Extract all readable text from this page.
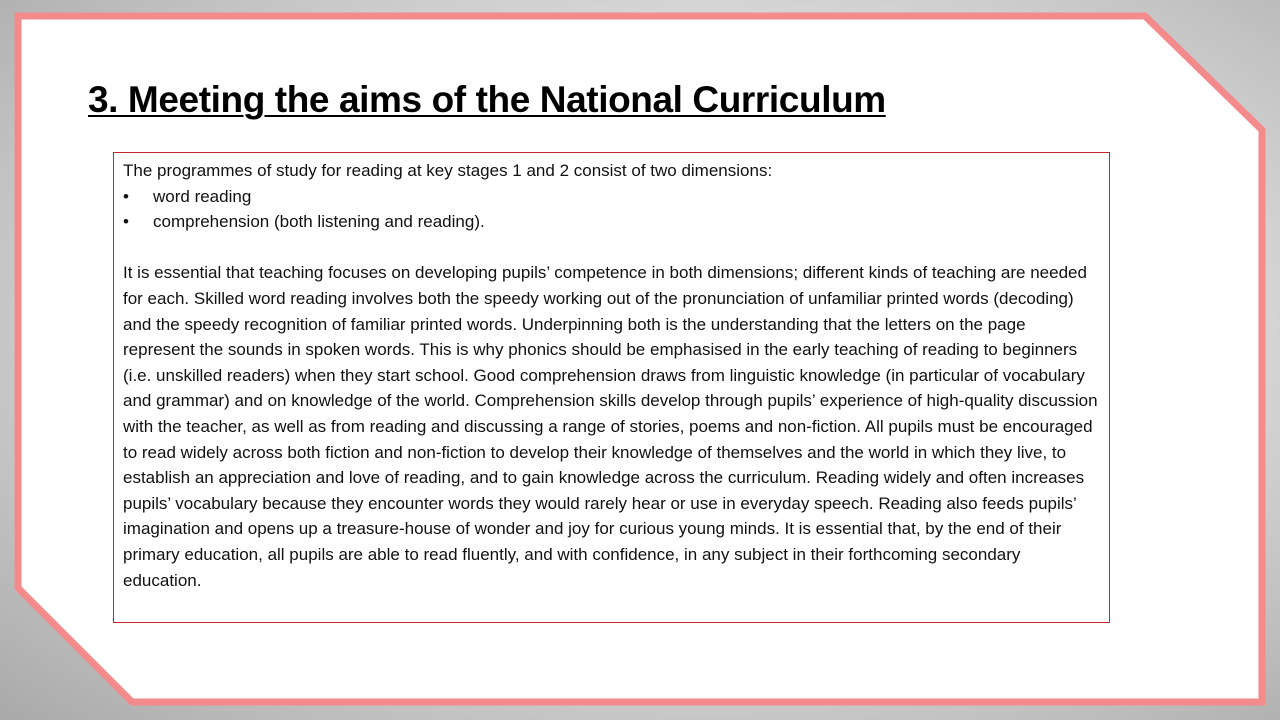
3. Meeting the aims of the National Curriculum

The programmes of study for reading at key stages 1 and 2 consist of two dimensions:

•	word reading
•	comprehension (both listening and reading).

It is essential that teaching focuses on developing pupils’ competence in both dimensions; different kinds of teaching are needed for each. Skilled word reading involves both the speedy working out of the pronunciation of unfamiliar printed words (decoding) and the speedy recognition of familiar printed words. Underpinning both is the understanding that the letters on the page represent the sounds in spoken words. This is why phonics should be emphasised in the early teaching of reading to beginners (i.e. unskilled readers) when they start school. Good comprehension draws from linguistic knowledge (in particular of vocabulary and grammar) and on knowledge of the world. Comprehension skills develop through pupils’ experience of high-quality discussion with the teacher, as well as from reading and discussing a range of stories, poems and non-fiction. All pupils must be encouraged to read widely across both fiction and non-fiction to develop their knowledge of themselves and the world in which they live, to establish an appreciation and love of reading, and to gain knowledge across the curriculum. Reading widely and often increases pupils’ vocabulary because they encounter words they would rarely hear or use in everyday speech. Reading also feeds pupils’ imagination and opens up a treasure-house of wonder and joy for curious young minds. It is essential that, by the end of their primary education, all pupils are able to read fluently, and with confidence, in any subject in their forthcoming secondary education.
